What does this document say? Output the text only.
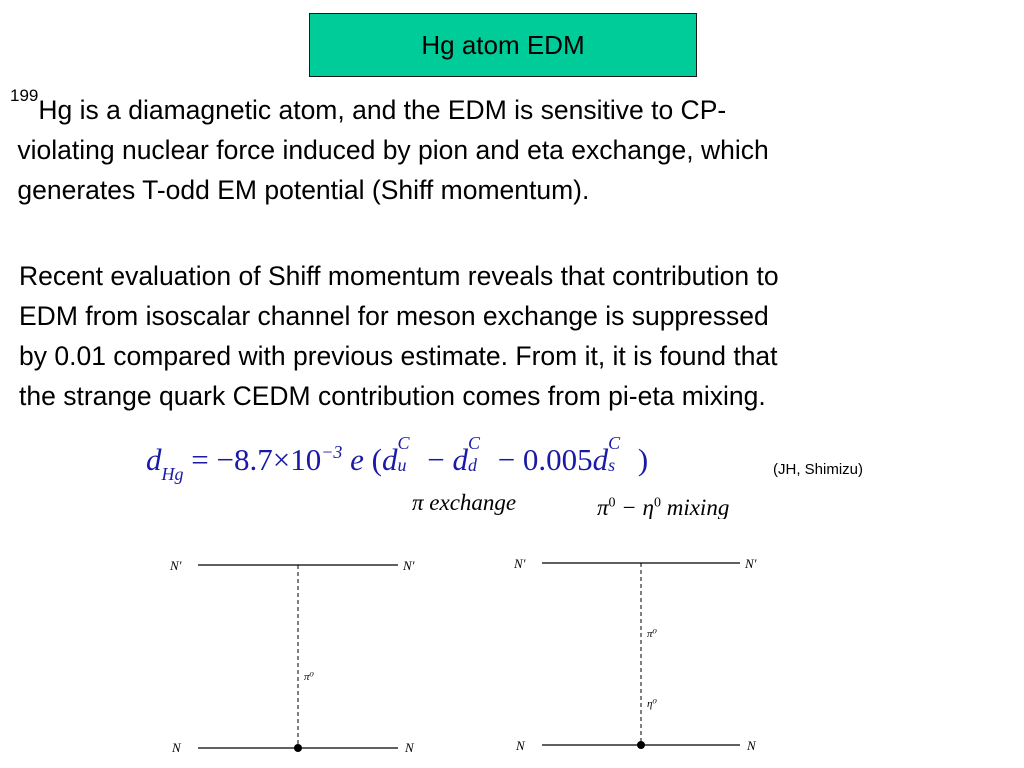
Hg atom EDM
$^{199}$Hg is a diamagnetic atom, and the EDM is sensitive to CP-
violating nuclear force induced by pion and eta exchange, which
generates T-odd EM potential (Shiff momentum).
Recent evaluation of Shiff momentum reveals that contribution to
EDM from isoscalar channel for meson exchange is suppressed
by 0.01 compared with previous estimate. From it, it is found that
the strange quark CEDM contribution comes from pi-eta mixing.
$d_{Hg} = -8.7\times 10^{-3}$ e (d C
u − d C
d − 0.005d C
s )	(JH, Shimizu)
π exchange	$\pi^0 - \eta^0$ mixing
N′	N′
N	N
π⁰
N′	N′
N	N
π⁰
η⁰
